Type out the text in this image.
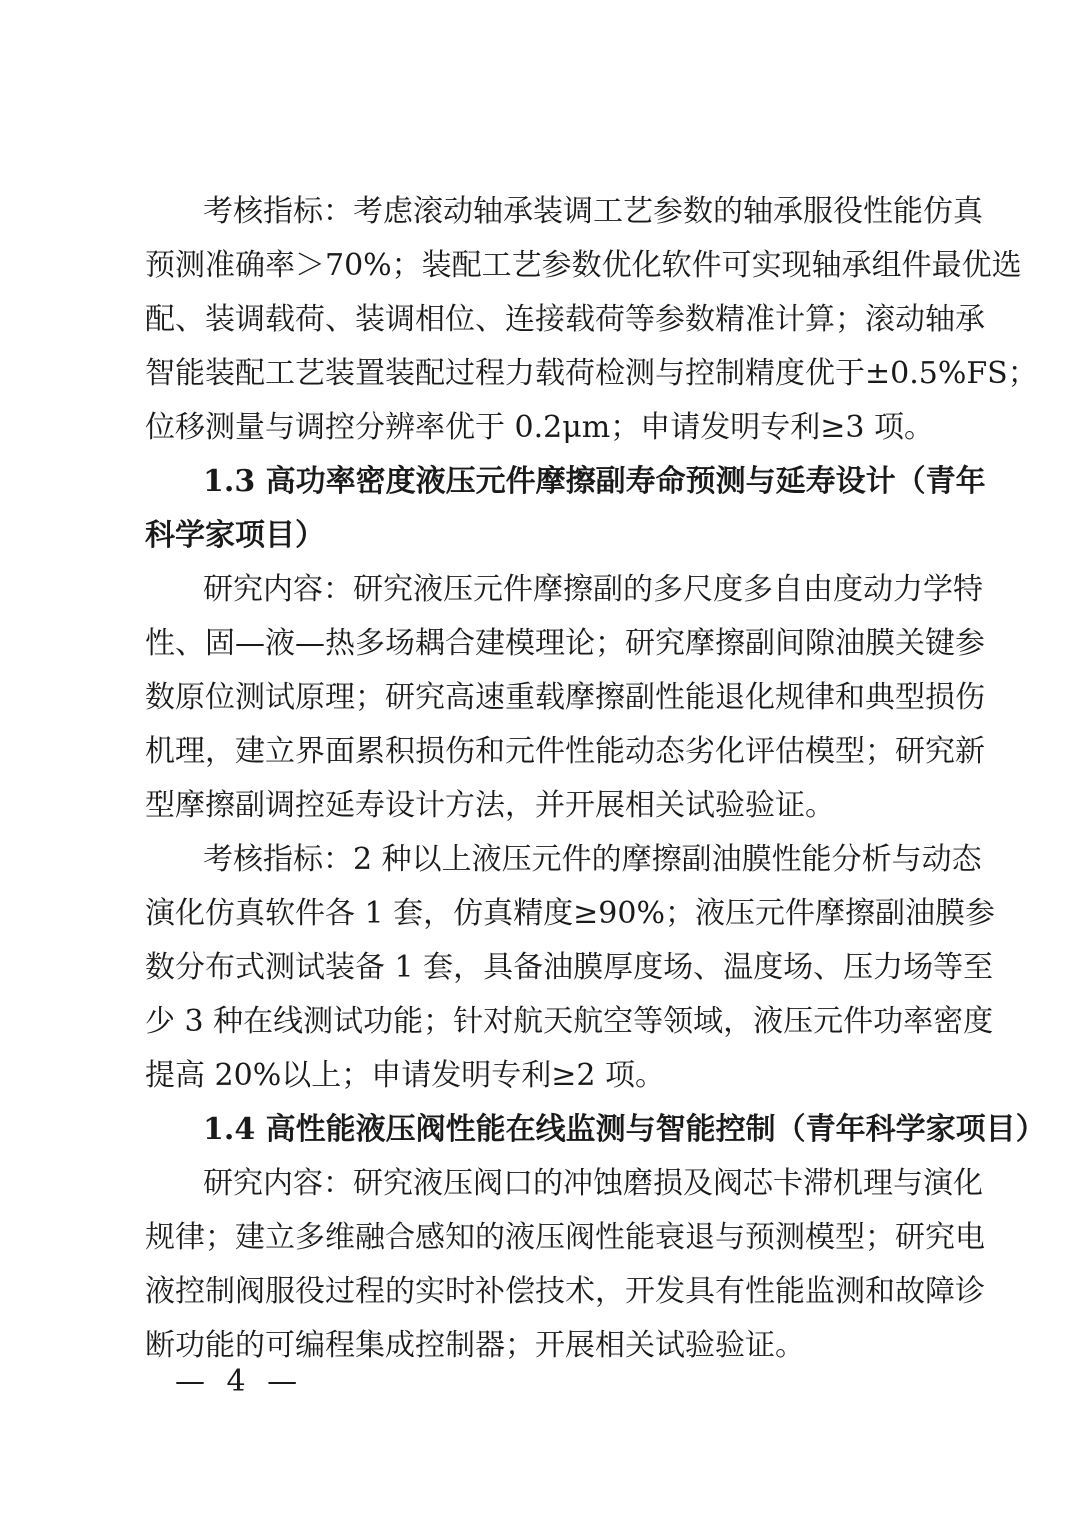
考核指标：考虑滚动轴承装调工艺参数的轴承服役性能仿真
预测准确率＞70%；装配工艺参数优化软件可实现轴承组件最优选
配、装调载荷、装调相位、连接载荷等参数精准计算；滚动轴承
智能装配工艺装置装配过程力载荷检测与控制精度优于±0.5%FS；
位移测量与调控分辨率优于 0.2μm；申请发明专利≥3 项。
1.3 高功率密度液压元件摩擦副寿命预测与延寿设计（青年
科学家项目）
研究内容：研究液压元件摩擦副的多尺度多自由度动力学特
性、固—液—热多场耦合建模理论；研究摩擦副间隙油膜关键参
数原位测试原理；研究高速重载摩擦副性能退化规律和典型损伤
机理，建立界面累积损伤和元件性能动态劣化评估模型；研究新
型摩擦副调控延寿设计方法，并开展相关试验验证。
考核指标：2 种以上液压元件的摩擦副油膜性能分析与动态
演化仿真软件各 1 套，仿真精度≥90%；液压元件摩擦副油膜参
数分布式测试装备 1 套，具备油膜厚度场、温度场、压力场等至
少 3 种在线测试功能；针对航天航空等领域，液压元件功率密度
提高 20%以上；申请发明专利≥2 项。
1.4 高性能液压阀性能在线监测与智能控制（青年科学家项目）
研究内容：研究液压阀口的冲蚀磨损及阀芯卡滞机理与演化
规律；建立多维融合感知的液压阀性能衰退与预测模型；研究电
液控制阀服役过程的实时补偿技术，开发具有性能监测和故障诊
断功能的可编程集成控制器；开展相关试验验证。
— 4 —
